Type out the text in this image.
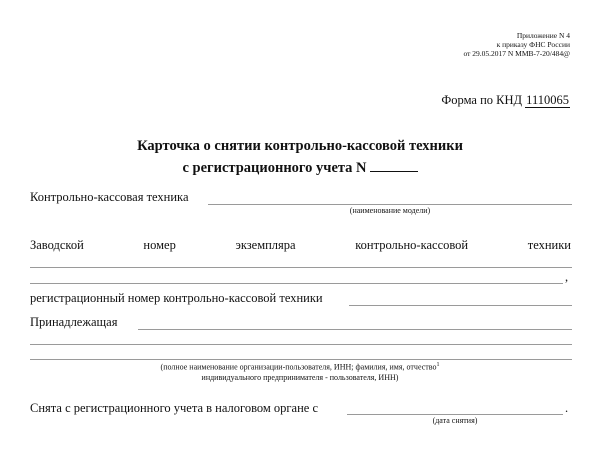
Приложение N 4
к приказу ФНС России
от 29.05.2017 N ММВ-7-20/484@
Форма по КНД 1110065
Карточка о снятии контрольно-кассовой техники
с регистрационного учета N
Контрольно-кассовая техника
(наименование модели)
Заводской	номер	экземпляра	контрольно-кассовой	техники
,
регистрационный номер контрольно-кассовой техники
Принадлежащая
(полное наименование организации-пользователя, ИНН; фамилия, имя, отчество$^1$
индивидуального предпринимателя - пользователя, ИНН)
Снята с регистрационного учета в налоговом органе с	.
(дата снятия)
